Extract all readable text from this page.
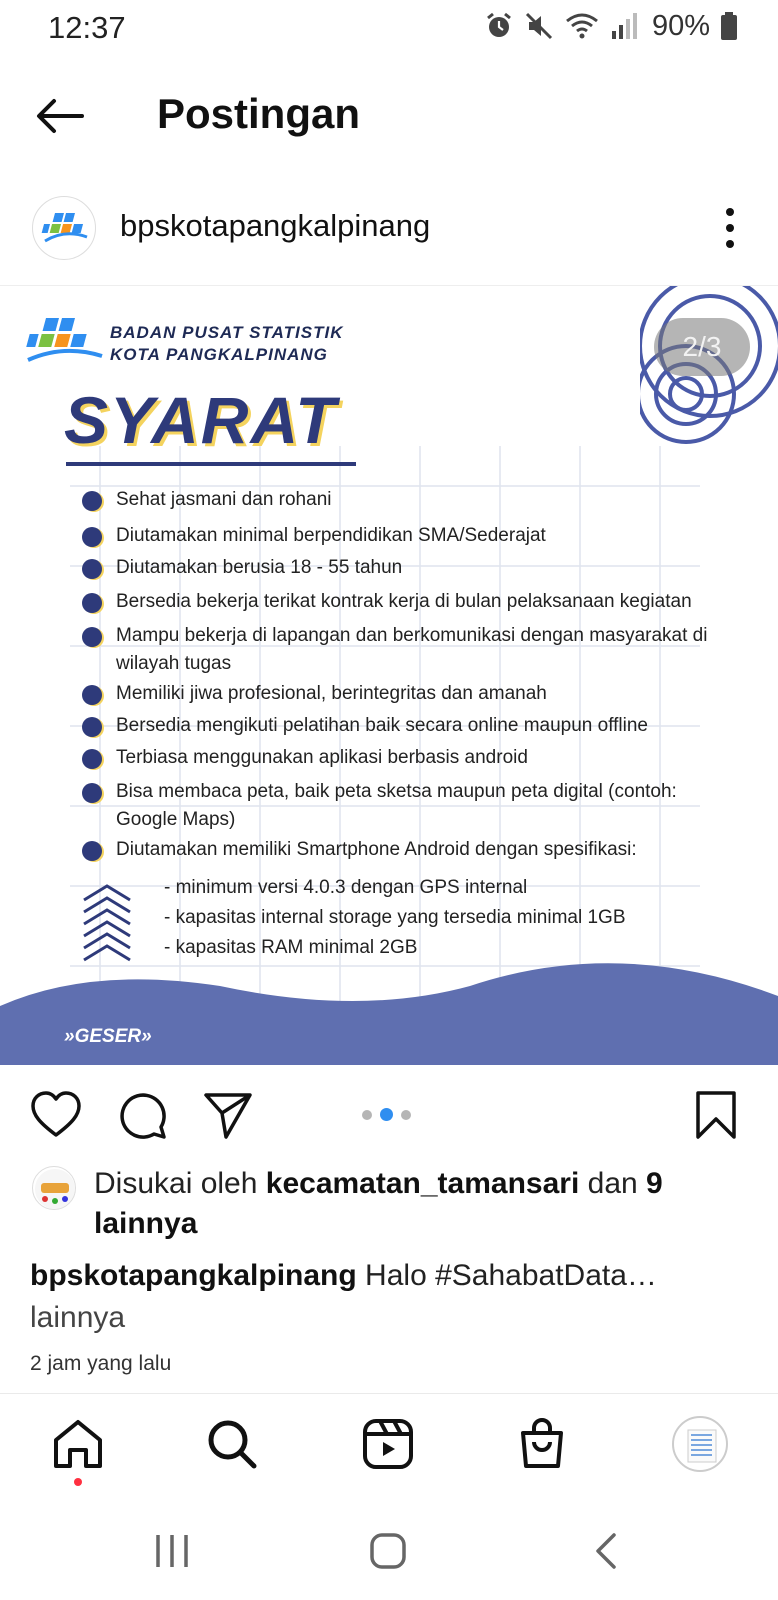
12:37	90%
Postingan
bpskotapangkalpinang
BADAN PUSAT STATISTIK
KOTA PANGKALPINANG	2/3
SYARAT
Sehat jasmani dan rohani
Diutamakan minimal berpendidikan SMA/Sederajat
Diutamakan berusia 18 - 55 tahun
Bersedia bekerja terikat kontrak kerja di bulan pelaksanaan kegiatan
Mampu bekerja di lapangan dan berkomunikasi dengan masyarakat di wilayah tugas
Memiliki jiwa profesional, berintegritas dan amanah
Bersedia mengikuti pelatihan baik secara online maupun offline
Terbiasa menggunakan aplikasi berbasis android
Bisa membaca peta, baik peta sketsa maupun peta digital (contoh: Google Maps)
Diutamakan memiliki Smartphone Android dengan spesifikasi:
- minimum versi 4.0.3 dengan GPS internal
- kapasitas internal storage yang tersedia minimal 1GB
- kapasitas RAM minimal 2GB
»GESER»
Disukai oleh kecamatan_tamansari dan 9
lainnya
bpskotapangkalpinang Halo #SahabatData…
lainnya
2 jam yang lalu
